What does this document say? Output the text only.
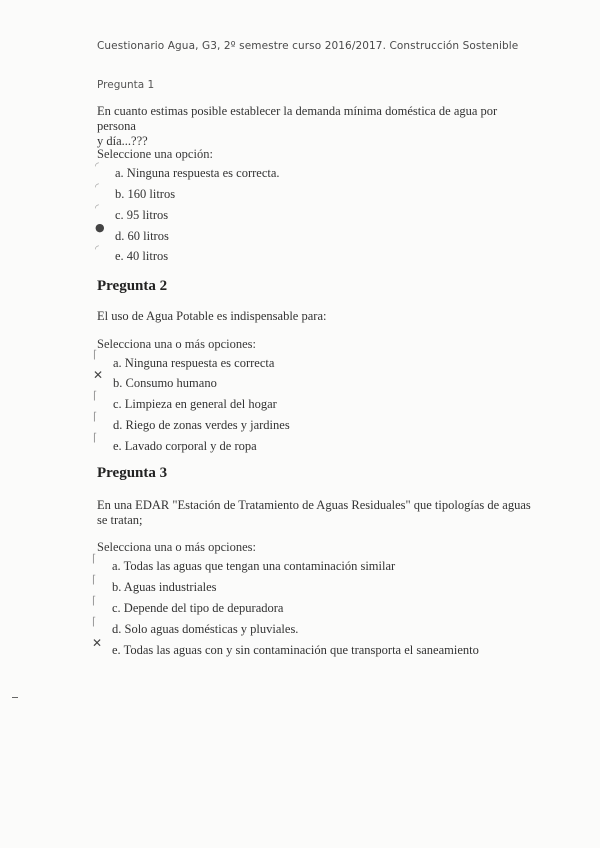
Cuestionario Agua, G3, 2º semestre curso 2016/2017. Construcción Sostenible
Pregunta 1
En cuanto estimas posible establecer la demanda mínima doméstica de agua por persona
y día...???
Seleccione una opción:
◜ a. Ninguna respuesta es correcta.
◜ b. 160 litros
◜ c. 95 litros
●
d. 60 litros
◜ e. 40 litros
Pregunta 2
El uso de Agua Potable es indispensable para:
Selecciona una o más opciones:
⌈
a. Ninguna respuesta es correcta
✕
b. Consumo humano
⌈
c. Limpieza en general del hogar
⌈
d. Riego de zonas verdes y jardines
⌈
e. Lavado corporal y de ropa
Pregunta 3
En una EDAR "Estación de Tratamiento de Aguas Residuales" que tipologías de aguas
se tratan;
Selecciona una o más opciones:
⌈
a. Todas las aguas que tengan una contaminación similar
⌈
b. Aguas industriales
⌈
c. Depende del tipo de depuradora
⌈
d. Solo aguas domésticas y pluviales.
✕ e. Todas las aguas con y sin contaminación que transporta el saneamiento
